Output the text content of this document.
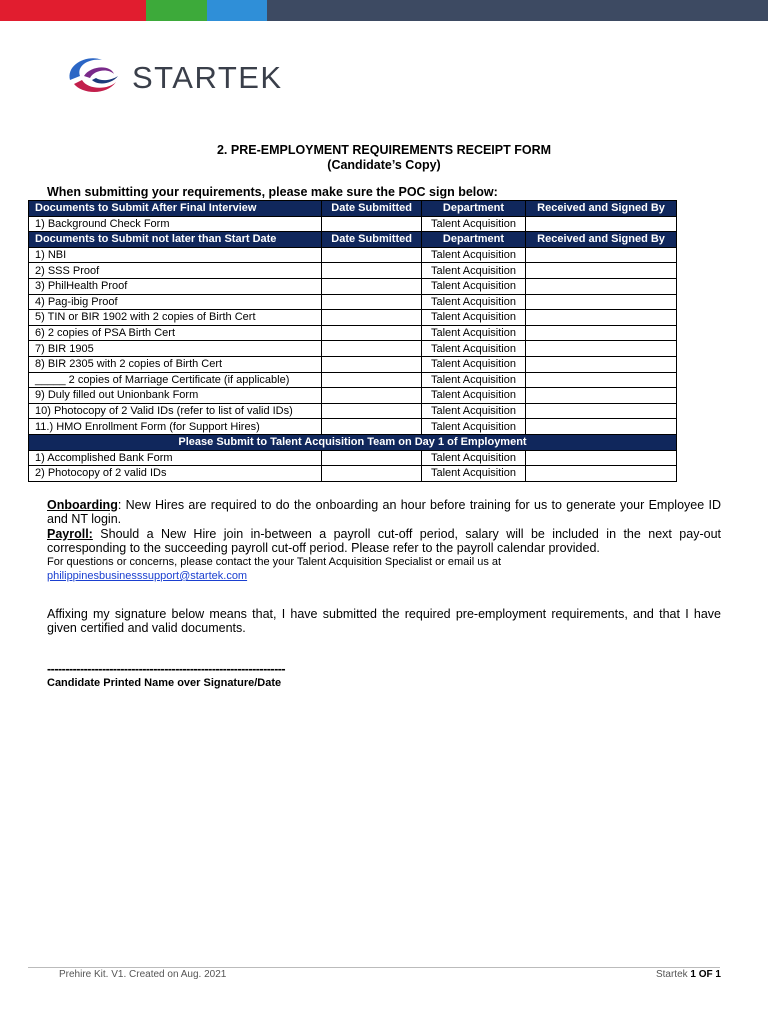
STARTEK
2. PRE-EMPLOYMENT REQUIREMENTS RECEIPT FORM
(Candidate’s Copy)
When submitting your requirements, please make sure the POC sign below:
Documents to Submit After Final Interview	Date Submitted	Department	Received and Signed By
1) Background Check Form		Talent Acquisition	
Documents to Submit not later than Start Date	Date Submitted	Department	Received and Signed By
1) NBI		Talent Acquisition	
2) SSS Proof		Talent Acquisition	
3) PhilHealth Proof		Talent Acquisition	
4) Pag-ibig Proof		Talent Acquisition	
5) TIN or BIR 1902 with 2 copies of Birth Cert		Talent Acquisition	
6) 2 copies of PSA Birth Cert		Talent Acquisition	
7) BIR 1905		Talent Acquisition	
8) BIR 2305 with 2 copies of Birth Cert		Talent Acquisition	
_____ 2 copies of Marriage Certificate (if applicable)		Talent Acquisition	
9) Duly filled out Unionbank Form		Talent Acquisition	
10) Photocopy of 2 Valid IDs (refer to list of valid IDs)		Talent Acquisition	
11.) HMO Enrollment Form (for Support Hires)		Talent Acquisition	
Please Submit to Talent Acquisition Team on Day 1 of Employment			
1) Accomplished Bank Form		Talent Acquisition	
2) Photocopy of 2 valid IDs		Talent Acquisition	
Onboarding: New Hires are required to do the onboarding an hour before training for us to generate your Employee ID and NT login.
Payroll: Should a New Hire join in-between a payroll cut-off period, salary will be included in the next pay-out corresponding to the succeeding payroll cut-off period. Please refer to the payroll calendar provided.
For questions or concerns, please contact the your Talent Acquisition Specialist or email us at
philippinesbusinesssupport@startek.com
Affixing my signature below means that, I have submitted the required pre-employment requirements, and that I have given certified and valid documents.
-----------------------------------------------------------------
Candidate Printed Name over Signature/Date
Prehire Kit. V1. Created on Aug. 2021	Startek 1 OF 1
